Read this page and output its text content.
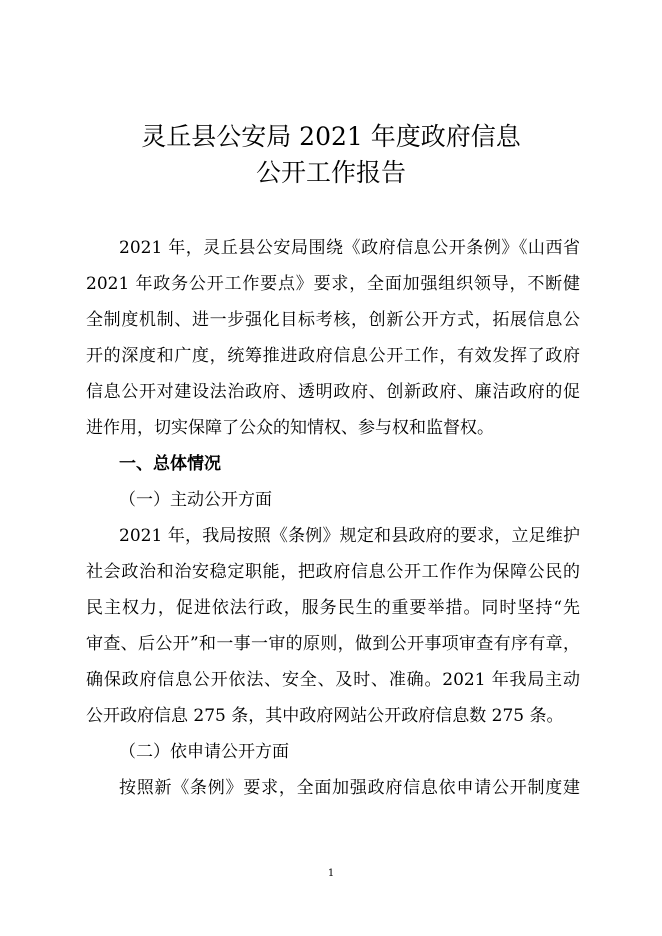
灵丘县公安局 2021 年度政府信息
公开工作报告
2021 年，灵丘县公安局围绕《政府信息公开条例》《山西省
2021 年政务公开工作要点》要求，全面加强组织领导，不断健
全制度机制、进一步强化目标考核，创新公开方式，拓展信息公
开的深度和广度，统筹推进政府信息公开工作，有效发挥了政府
信息公开对建设法治政府、透明政府、创新政府、廉洁政府的促
进作用，切实保障了公众的知情权、参与权和监督权。
一、总体情况
（一）主动公开方面
2021 年，我局按照《条例》规定和县政府的要求，立足维护
社会政治和治安稳定职能，把政府信息公开工作作为保障公民的
民主权力，促进依法行政，服务民生的重要举措。同时坚持“先
审查、后公开”和一事一审的原则，做到公开事项审查有序有章，
确保政府信息公开依法、安全、及时、准确。2021 年我局主动
公开政府信息 275 条，其中政府网站公开政府信息数 275 条。
（二）依申请公开方面
按照新《条例》要求，全面加强政府信息依申请公开制度建
1
